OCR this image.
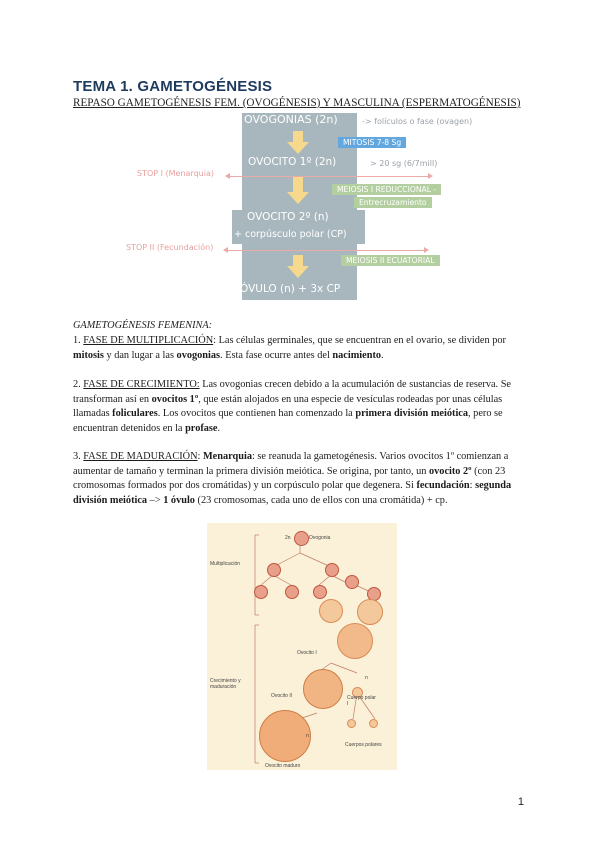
TEMA 1. GAMETOGÉNESIS
REPASO GAMETOGÉNESIS FEM. (OVOGÉNESIS) Y MASCULINA (ESPERMATOGÉNESIS)
OVOGONIAS (2n)	-> folículos o fase (ovagen)
MITOSIS 7-8 Sg
OVOCITO 1º (2n)	> 20 sg (6/7mill)
STOP I (Menarquia)
MEIOSIS I REDUCCIONAL -
Entrecruzamiento
OVOCITO 2º (n)
+ corpúsculo polar (CP)
STOP II (Fecundación)
MEIOSIS II ECUATORIAL
ÓVULO (n) + 3x CP

GAMETOGÉNESIS FEMENINA:

1. FASE DE MULTIPLICACIÓN: Las células germinales, que se encuentran en el ovario, se dividen por mitosis y dan lugar a las ovogonias. Esta fase ocurre antes del nacimiento.

2. FASE DE CRECIMIENTO: Las ovogonias crecen debido a la acumulación de sustancias de reserva. Se transforman así en ovocitos 1º, que están alojados en una especie de vesículas rodeadas por unas células llamadas foliculares. Los ovocitos que contienen han comenzado la primera división meiótica, pero se encuentran detenidos en la profase.

3. FASE DE MADURACIÓN: Menarquia: se reanuda la gametogénesis. Varios ovocitos 1º comienzan a aumentar de tamaño y terminan la primera división meiótica. Se origina, por tanto, un ovocito 2º (con 23 cromosomas formados por dos cromátidas) y un corpúsculo polar que degenera. Si fecundación: segunda división meiótica –> 1 óvulo (23 cromosomas, cada uno de ellos con una cromátida) + cp.

2n	Ovogonia
Multiplicación
Ovocito I
Crecimiento y maduración
Ovocito II	Cuerpo polar I
n
n
Cuerpos polares
Ovocito maduro
1
